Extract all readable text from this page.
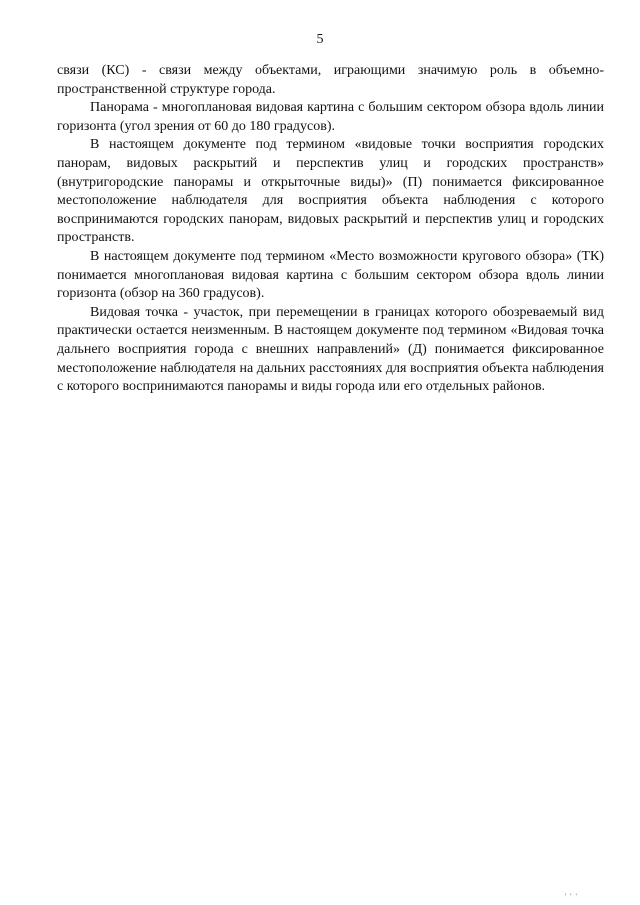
5

связи (КС) - связи между объектами, играющими значимую роль в объемно-пространственной структуре города.

Панорама - многоплановая видовая картина с большим сектором обзора вдоль линии горизонта (угол зрения от 60 до 180 градусов).

В настоящем документе под термином «видовые точки восприятия городских панорам, видовых раскрытий и перспектив улиц и городских пространств» (внутригородские панорамы и открыточные виды)» (П) понимается фиксированное местоположение наблюдателя для восприятия объекта наблюдения с которого воспринимаются городских панорам, видовых раскрытий и перспектив улиц и городских пространств.

В настоящем документе под термином «Место возможности кругового обзора» (ТК) понимается многоплановая видовая картина с большим сектором обзора вдоль линии горизонта (обзор на 360 градусов).

Видовая точка - участок, при перемещении в границах которого обозреваемый вид практически остается неизменным. В настоящем документе под термином «Видовая точка дальнего восприятия города с внешних направлений» (Д) понимается фиксированное местоположение наблюдателя на дальних расстояниях для восприятия объекта наблюдения с которого воспринимаются панорамы и виды города или его отдельных районов.

' ' '
